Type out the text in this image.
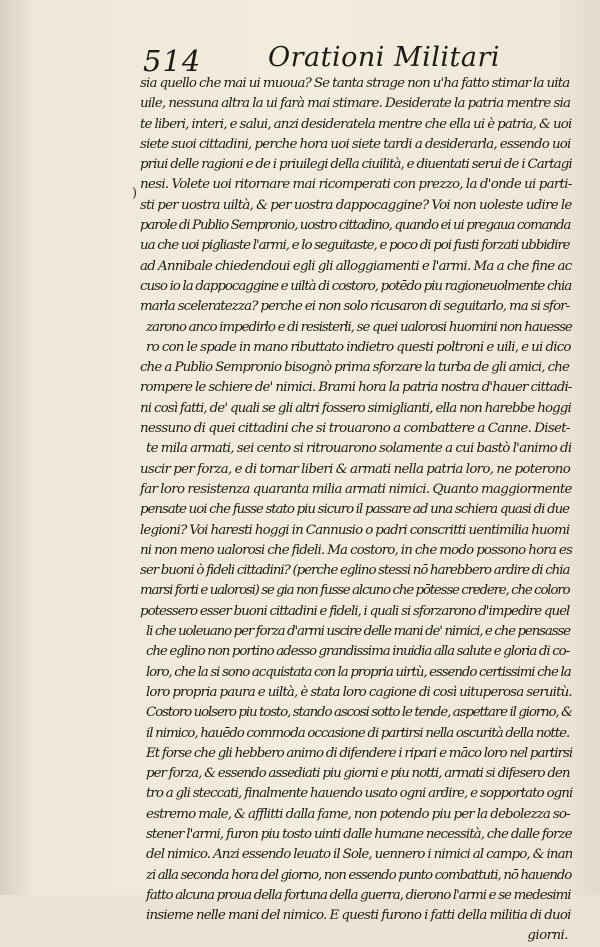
514 Orationi Militari
)
sia quello che mai ui muoua? Se tanta strage non u'ha fatto stimar la uita
uile, nessuna altra la ui farà mai stimare. Desiderate la patria mentre sia
te liberi, interi, e salui, anzi desideratela mentre che ella ui è patria, & uoi
siete suoi cittadini, perche hora uoi siete tardi a desiderarla, essendo uoi
priui delle ragioni e de i priuilegi della ciuilità, e diuentati serui de i Cartagi
nesi. Volete uoi ritornare mai ricomperati con prezzo, la d'onde ui parti-
sti per uostra uiltà, & per uostra dappocaggine? Voi non uoleste udire le
parole di Publio Sempronio, uostro cittadino, quando ei ui pregaua comanda
ua che uoi pigliaste l'armi, e lo seguitaste, e poco di poi fusti forzati ubbidire
ad Annibale chiedendoui egli gli alloggiamenti e l'armi. Ma a che fine ac
cuso io la dappocaggine e uiltà di costoro, potēdo piu ragioneuolmente chia
marla sceleratezza? perche ei non solo ricusaron di seguitarlo, ma si sfor-
zarono anco impedirlo e di resisterli, se quei ualorosi huomini non hauesse
ro con le spade in mano ributtato indietro questi poltroni e uili, e ui dico
che a Publio Sempronio bisognò prima sforzare la turba de gli amici, che
rompere le schiere de' nimici. Brami hora la patria nostra d'hauer cittadi-
ni così fatti, de' quali se gli altri fossero simiglianti, ella non harebbe hoggi
nessuno di quei cittadini che si trouarono a combattere a Canne. Diset-
te mila armati, sei cento si ritrouarono solamente a cui bastò l'animo di
uscir per forza, e di tornar liberi & armati nella patria loro, ne poterono
far loro resistenza quaranta milia armati nimici. Quanto maggiormente
pensate uoi che fusse stato piu sicuro il passare ad una schiera quasi di due
legioni? Voi haresti hoggi in Cannusio o padri conscritti uentimilia huomi
ni non meno ualorosi che fideli. Ma costoro, in che modo possono hora es
ser buoni ò fideli cittadini? (perche eglino stessi nō harebbero ardire di chia
marsi forti e ualorosi) se gia non fusse alcuno che pōtesse credere, che coloro
potessero esser buoni cittadini e fideli, i quali si sforzarono d'impedire quel
li che uoleuano per forza d'armi uscire delle mani de' nimici, e che pensasse
che eglino non portino adesso grandissima inuidia alla salute e gloria di co-
loro, che la si sono acquistata con la propria uirtù, essendo certissimi che la
loro propria paura e uiltà, è stata loro cagione di così uituperosa seruitù.
Costoro uolsero piu tosto, stando ascosi sotto le tende, aspettare il giorno, &
il nimico, hauēdo commoda occasione di partirsi nella oscurità della notte.
Et forse che gli hebbero animo di difendere i ripari e māco loro nel partirsi
per forza, & essendo assediati piu giorni e piu notti, armati si difesero den
tro a gli steccati, finalmente hauendo usato ogni ardire, e sopportato ogni
estremo male, & afflitti dalla fame, non potendo piu per la debolezza so-
stener l'armi, furon piu tosto uinti dalle humane necessità, che dalle forze
del nimico. Anzi essendo leuato il Sole, uennero i nimici al campo, & inan
zi alla seconda hora del giorno, non essendo punto combattuti, nō hauendo
fatto alcuna proua della fortuna della guerra, dierono l'armi e se medesimi
insieme nelle mani del nimico. E questi furono i fatti della militia di duoi
giorni.
